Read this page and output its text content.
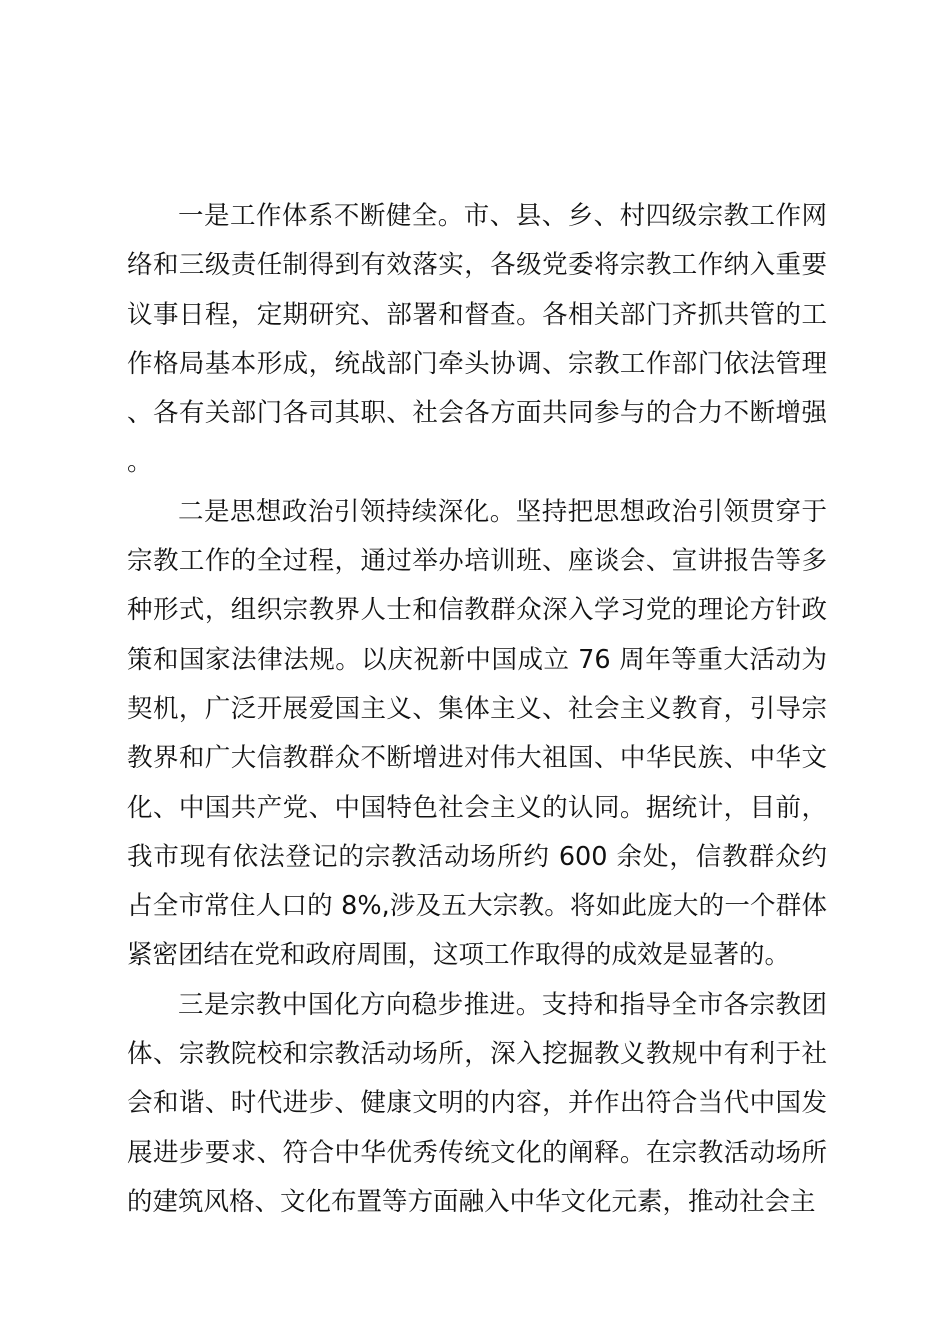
一是工作体系不断健全。市、县、乡、村四级宗教工作网络和三级责任制得到有效落实，各级党委将宗教工作纳入重要议事日程，定期研究、部署和督查。各相关部门齐抓共管的工作格局基本形成，统战部门牵头协调、宗教工作部门依法管理、各有关部门各司其职、社会各方面共同参与的合力不断增强。

二是思想政治引领持续深化。坚持把思想政治引领贯穿于宗教工作的全过程，通过举办培训班、座谈会、宣讲报告等多种形式，组织宗教界人士和信教群众深入学习党的理论方针政策和国家法律法规。以庆祝新中国成立 76 周年等重大活动为契机，广泛开展爱国主义、集体主义、社会主义教育，引导宗教界和广大信教群众不断增进对伟大祖国、中华民族、中华文化、中国共产党、中国特色社会主义的认同。据统计，目前，我市现有依法登记的宗教活动场所约 600 余处，信教群众约占全市常住人口的 8%,涉及五大宗教。将如此庞大的一个群体紧密团结在党和政府周围，这项工作取得的成效是显著的。

三是宗教中国化方向稳步推进。支持和指导全市各宗教团体、宗教院校和宗教活动场所，深入挖掘教义教规中有利于社会和谐、时代进步、健康文明的内容，并作出符合当代中国发展进步要求、符合中华优秀传统文化的阐释。在宗教活动场所的建筑风格、文化布置等方面融入中华文化元素，推动社会主
